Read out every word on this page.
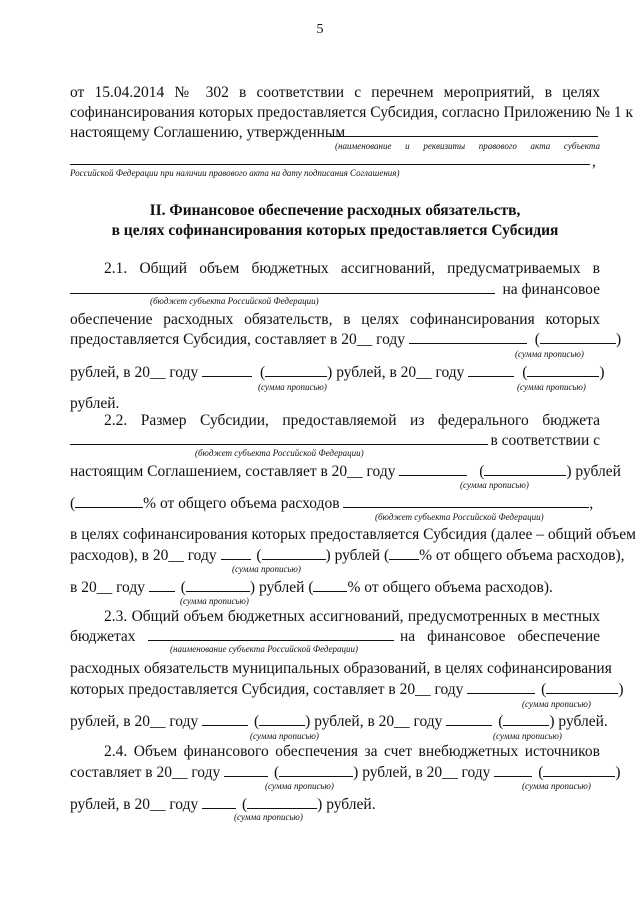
5
от 15.04.2014 № 302 в соответствии с перечнем мероприятий, в целях
софинансирования которых предоставляется Субсидия, согласно Приложению № 1 к
настоящему Соглашению, утвержденным
(наименование и реквизиты правового акта субъекта
,
Российской Федерации при наличии правового акта на дату подписания Соглашения)
II. Финансовое обеспечение расходных обязательств,
в целях софинансирования которых предоставляется Субсидия
2.1. Общий объем бюджетных ассигнований, предусматриваемых в
на финансовое
(бюджет субъекта Российской Федерации)
обеспечение расходных обязательств, в целях софинансирования которых
предоставляется Субсидия, составляет в 20__ году	(	)
(сумма прописью)
рублей, в 20__ году	(	) рублей, в 20__ году	(	)
(сумма прописью)	(сумма прописью)
рублей.
2.2. Размер Субсидии, предоставляемой из федерального бюджета
в соответствии с
(бюджет субъекта Российской Федерации)
настоящим Соглашением, составляет в 20__ году	(	) рублей
(сумма прописью)
(	% от общего объема расходов	,
(бюджет субъекта Российской Федерации)
в целях софинансирования которых предоставляется Субсидия (далее – общий объем
расходов), в 20__ году	(	) рублей ( % от общего объема расходов),
(сумма прописью)
в 20__ году (	) рублей ( % от общего объема расходов).
(сумма прописью)
2.3. Общий объем бюджетных ассигнований, предусмотренных в местных
бюджетах	на финансовое обеспечение
(наименование субъекта Российской Федерации)
расходных обязательств муниципальных образований, в целях софинансирования
которых предоставляется Субсидия, составляет в 20__ году	(	)
(сумма прописью)
рублей, в 20__ году	(	) рублей, в 20__ году	(	) рублей.
(сумма прописью)	(сумма прописью)
2.4. Объем финансового обеспечения за счет внебюджетных источников
составляет в 20__ году	(	) рублей, в 20__ году	(	)
(сумма прописью)	(сумма прописью)
рублей, в 20__ году	(	) рублей.
(сумма прописью)
